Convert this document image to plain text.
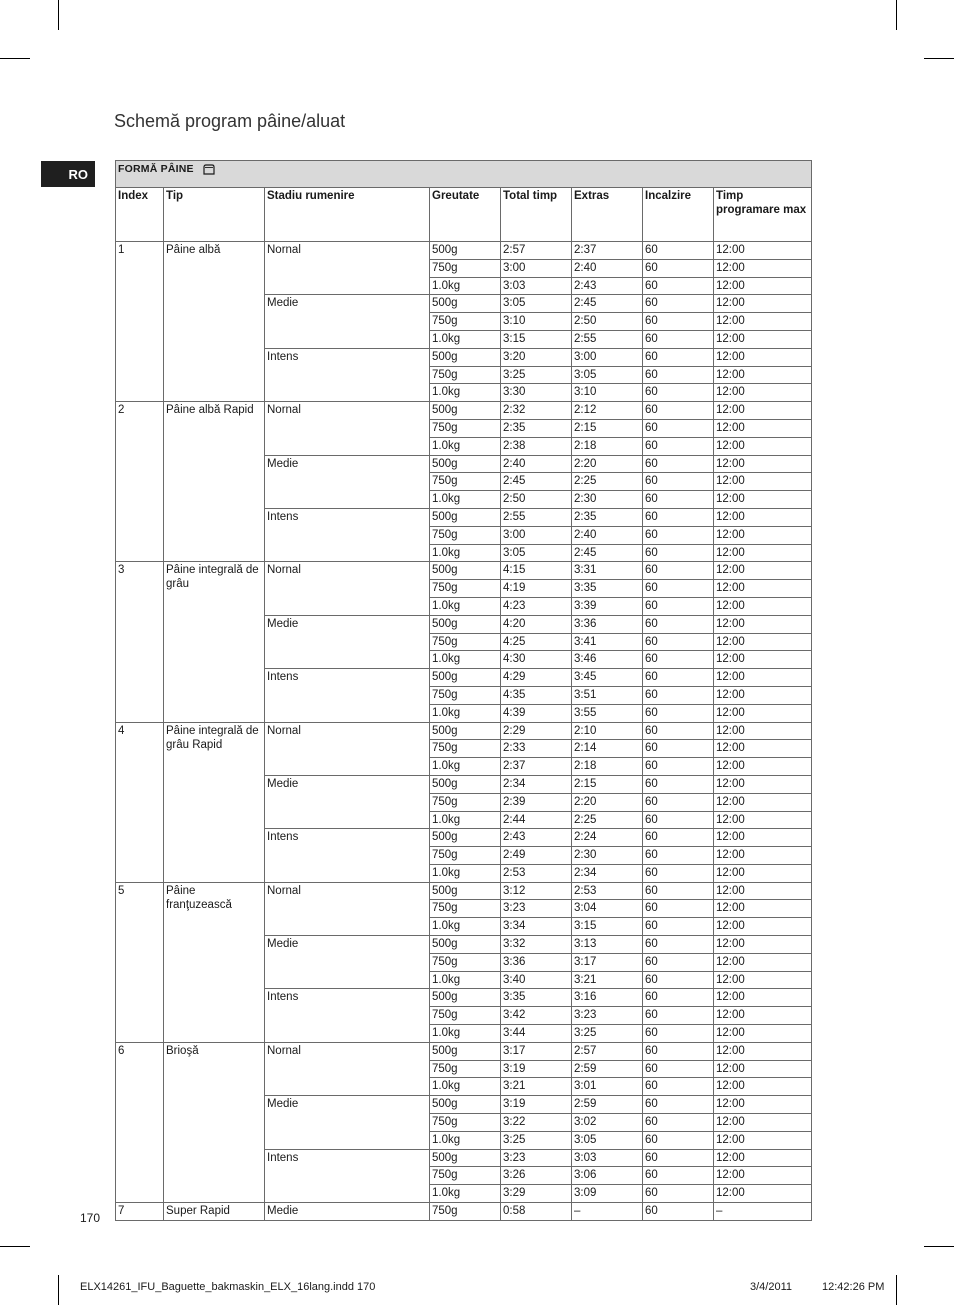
Schemă program pâine/aluat
RO	FORMĂ PÂINE							
Index	Tip	Stadiu rumenire	Greutate	Total timp	Extras	Incalzire	Timp programare max
1	Pâine albă	Nornal	500g	2:57	2:37	60	12:00
			750g	3:00	2:40	60	12:00
			1.0kg	3:03	2:43	60	12:00
		Medie	500g	3:05	2:45	60	12:00
			750g	3:10	2:50	60	12:00
			1.0kg	3:15	2:55	60	12:00
		Intens	500g	3:20	3:00	60	12:00
			750g	3:25	3:05	60	12:00
			1.0kg	3:30	3:10	60	12:00
2	Pâine albă Rapid	Nornal	500g	2:32	2:12	60	12:00
			750g	2:35	2:15	60	12:00
			1.0kg	2:38	2:18	60	12:00
		Medie	500g	2:40	2:20	60	12:00
			750g	2:45	2:25	60	12:00
			1.0kg	2:50	2:30	60	12:00
		Intens	500g	2:55	2:35	60	12:00
			750g	3:00	2:40	60	12:00
			1.0kg	3:05	2:45	60	12:00
3	Pâine integrală de grâu	Nornal	500g	4:15	3:31	60	12:00
			750g	4:19	3:35	60	12:00
			1.0kg	4:23	3:39	60	12:00
		Medie	500g	4:20	3:36	60	12:00
			750g	4:25	3:41	60	12:00
			1.0kg	4:30	3:46	60	12:00
		Intens	500g	4:29	3:45	60	12:00
			750g	4:35	3:51	60	12:00
			1.0kg	4:39	3:55	60	12:00
4	Pâine integrală de grâu Rapid	Nornal	500g	2:29	2:10	60	12:00
			750g	2:33	2:14	60	12:00
			1.0kg	2:37	2:18	60	12:00
		Medie	500g	2:34	2:15	60	12:00
			750g	2:39	2:20	60	12:00
			1.0kg	2:44	2:25	60	12:00
		Intens	500g	2:43	2:24	60	12:00
			750g	2:49	2:30	60	12:00
			1.0kg	2:53	2:34	60	12:00
5	Pâine franţuzească	Nornal	500g	3:12	2:53	60	12:00
			750g	3:23	3:04	60	12:00
			1.0kg	3:34	3:15	60	12:00
		Medie	500g	3:32	3:13	60	12:00
			750g	3:36	3:17	60	12:00
			1.0kg	3:40	3:21	60	12:00
		Intens	500g	3:35	3:16	60	12:00
			750g	3:42	3:23	60	12:00
			1.0kg	3:44	3:25	60	12:00
6	Brioşă	Nornal	500g	3:17	2:57	60	12:00
			750g	3:19	2:59	60	12:00
			1.0kg	3:21	3:01	60	12:00
		Medie	500g	3:19	2:59	60	12:00
			750g	3:22	3:02	60	12:00
			1.0kg	3:25	3:05	60	12:00
		Intens	500g	3:23	3:03	60	12:00
			750g	3:26	3:06	60	12:00
			1.0kg	3:29	3:09	60	12:00
7	Super Rapid	Medie	750g	0:58	–	60	–
170
ELX14261_IFU_Baguette_bakmaskin_ELX_16lang.indd 170	3/4/2011	12:42:26 PM
